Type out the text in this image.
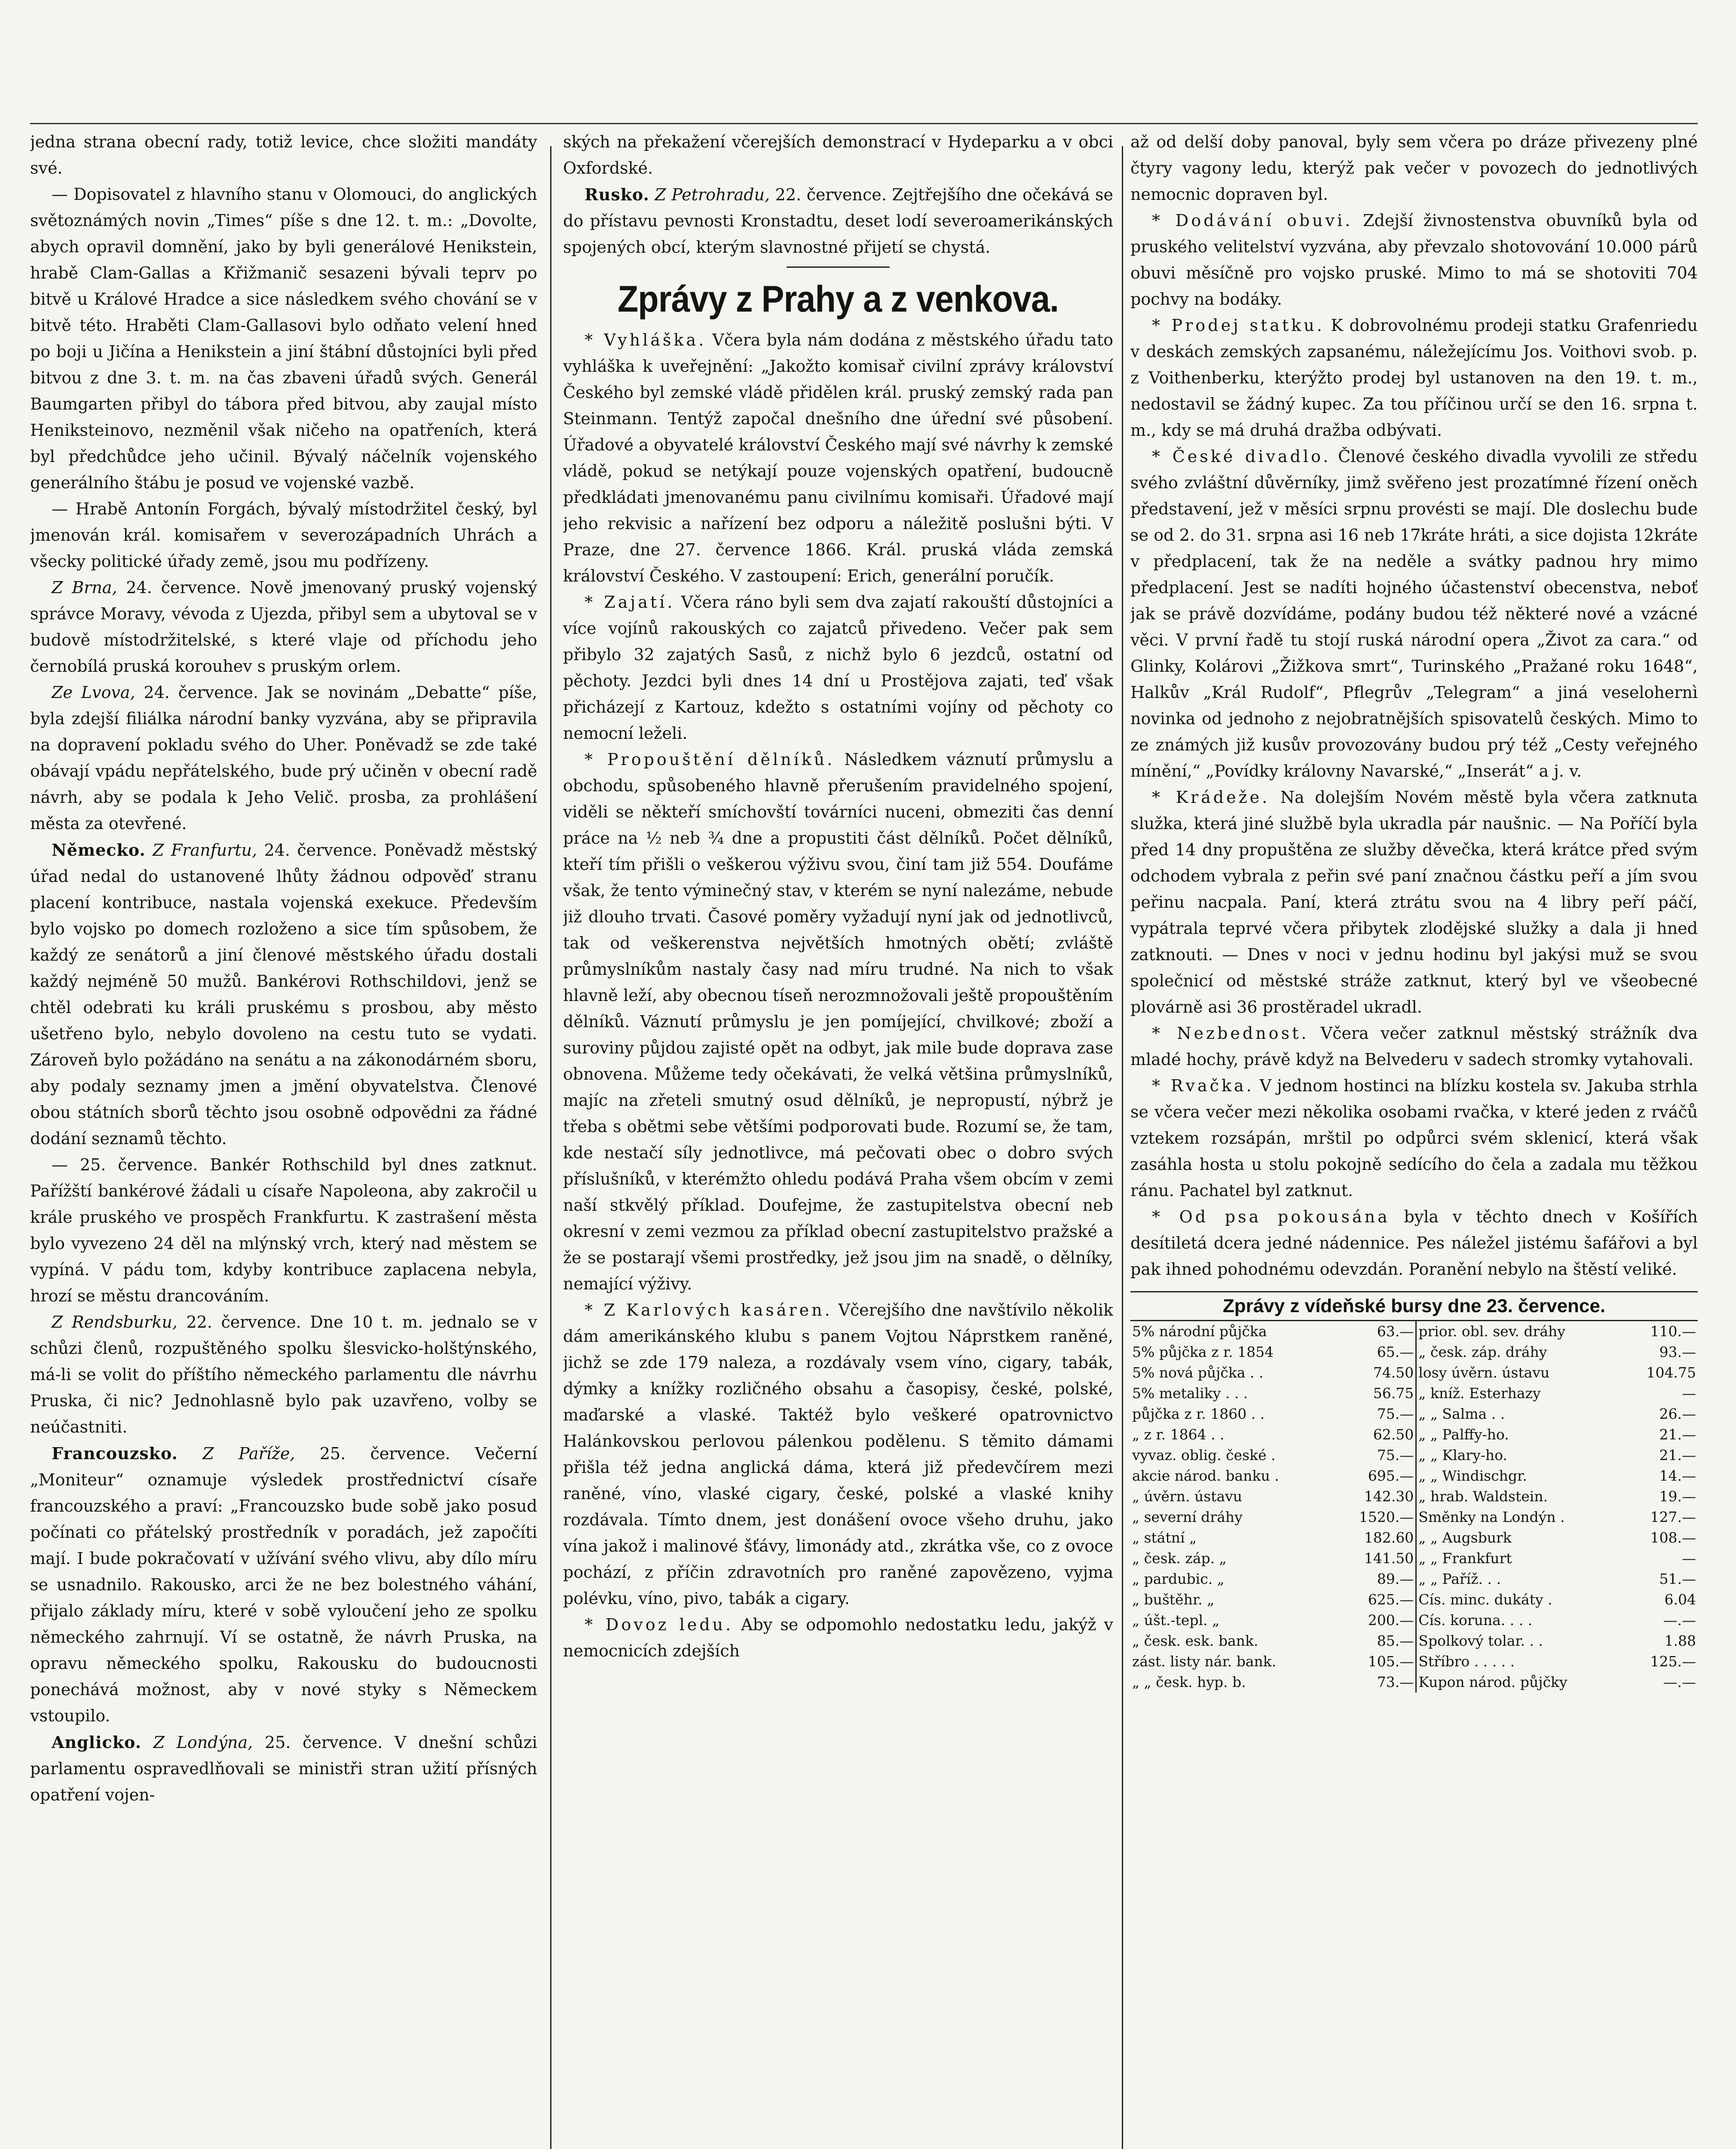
jedna strana obecní rady, totiž levice, chce složiti mandáty své.

— Dopisovatel z hlavního stanu v Olomouci, do anglických světoznámých novin „Times“ píše s dne 12. t. m.: „Dovolte, abych opravil domnění, jako by byli generálové Henikstein, hrabě Clam-Gallas a Křižmanič sesazeni bývali teprv po bitvě u Králové Hradce a sice následkem svého chování se v bitvě této. Hraběti Clam-Gallasovi bylo odňato velení hned po boji u Jičína a Henikstein a jiní štábní důstojníci byli před bitvou z dne 3. t. m. na čas zbaveni úřadů svých. Generál Baumgarten přibyl do tábora před bitvou, aby zaujal místo Heniksteinovo, nezměnil však ničeho na opatřeních, která byl předchůdce jeho učinil. Bývalý náčelník vojenského generálního štábu je posud ve vojenské vazbě.

— Hrabě Antonín Forgách, bývalý místodržitel český, byl jmenován král. komisařem v severozápadních Uhrách a všecky politické úřady země, jsou mu podřízeny.

Z Brna, 24. července. Nově jmenovaný pruský vojenský správce Moravy, vévoda z Ujezda, přibyl sem a ubytoval se v budově místodržitelské, s které vlaje od příchodu jeho černobílá pruská korouhev s pruským orlem.

Ze Lvova, 24. července. Jak se novinám „Debatte“ píše, byla zdejší filiálka národní banky vyzvána, aby se připravila na dopravení pokladu svého do Uher. Poněvadž se zde také obávají vpádu nepřátelského, bude prý učiněn v obecní radě návrh, aby se podala k Jeho Velič. prosba, za prohlášení města za otevřené.

Německo. Z Franfurtu, 24. července. Poněvadž městský úřad nedal do ustanovené lhůty žádnou odpověď stranu placení kontribuce, nastala vojenská exekuce. Především bylo vojsko po domech rozloženo a sice tím spůsobem, že každý ze senátorů a jiní členové městského úřadu dostali každý nejméně 50 mužů. Bankérovi Rothschildovi, jenž se chtěl odebrati ku králi pruskému s prosbou, aby město ušetřeno bylo, nebylo dovoleno na cestu tuto se vydati. Zároveň bylo požádáno na senátu a na zákonodárném sboru, aby podaly seznamy jmen a jmění obyvatelstva. Členové obou státních sborů těchto jsou osobně odpovědni za řádné dodání seznamů těchto.

— 25. července. Bankér Rothschild byl dnes zatknut. Pařížští bankérové žádali u císaře Napoleona, aby zakročil u krále pruského ve prospěch Frankfurtu. K zastrašení města bylo vyvezeno 24 děl na mlýnský vrch, který nad městem se vypíná. V pádu tom, kdyby kontribuce zaplacena nebyla, hrozí se městu drancováním.

Z Rendsburku, 22. července. Dne 10 t. m. jednalo se v schůzi členů, rozpuštěného spolku šlesvicko-holštýnského, má-li se volit do příštího německého parlamentu dle návrhu Pruska, či nic? Jednohlasně bylo pak uzavřeno, volby se neúčastniti.

Francouzsko. Z Paříže, 25. července. Večerní „Moniteur“ oznamuje výsledek prostřednictví císaře francouzského a praví: „Francouzsko bude sobě jako posud počínati co přátelský prostředník v poradách, jež započíti mají. I bude pokračovatí v užívání svého vlivu, aby dílo míru se usnadnilo. Rakousko, arci že ne bez bolestného váhání, přijalo základy míru, které v sobě vyloučení jeho ze spolku německého zahrnují. Ví se ostatně, že návrh Pruska, na opravu německého spolku, Rakousku do budoucnosti ponechává možnost, aby v nové styky s Německem vstoupilo.

Anglicko. Z Londýna, 25. července. V dnešní schůzi parlamentu ospravedlňovali se ministři stran užití přísných opatření vojen-

ských na překažení včerejších demonstrací v Hydeparku a v obci Oxfordské.

Rusko. Z Petrohradu, 22. července. Zejtřejšího dne očekává se do přístavu pevnosti Kronstadtu, deset lodí severoamerikánských spojených obcí, kterým slavnostné přijetí se chystá.

Zprávy z Prahy a z venkova.

* Vyhláška. Včera byla nám dodána z městského úřadu tato vyhláška k uveřejnění: „Jakožto komisař civilní zprávy království Českého byl zemské vládě přidělen král. pruský zemský rada pan Steinmann. Tentýž započal dnešního dne úřední své působení. Úřadové a obyvatelé království Českého mají své návrhy k zemské vládě, pokud se netýkají pouze vojenských opatření, budoucně předkládati jmenovanému panu civilnímu komisaři. Úřadové mají jeho rekvisic a nařízení bez odporu a náležitě poslušni býti. V Praze, dne 27. července 1866. Král. pruská vláda zemská království Českého. V zastoupení: Erich, generální poručík.

* Zajatí. Včera ráno byli sem dva zajatí rakouští důstojníci a více vojínů rakouských co zajatců přivedeno. Večer pak sem přibylo 32 zajatých Sasů, z nichž bylo 6 jezdců, ostatní od pěchoty. Jezdci byli dnes 14 dní u Prostějova zajati, teď však přicházejí z Kartouz, kdežto s ostatními vojíny od pěchoty co nemocní leželi.

* Propouštění dělníků. Následkem váznutí průmyslu a obchodu, spůsobeného hlavně přerušením pravidelného spojení, viděli se někteří smíchovští továrníci nuceni, obmeziti čas denní práce na ½ neb ¾ dne a propustiti část dělníků. Počet dělníků, kteří tím přišli o veškerou výživu svou, činí tam již 554. Doufáme však, že tento výminečný stav, v kterém se nyní nalezáme, nebude již dlouho trvati. Časové poměry vyžadují nyní jak od jednotlivců, tak od veškerenstva největších hmotných obětí; zvláště průmyslníkům nastaly časy nad míru trudné. Na nich to však hlavně leží, aby obecnou tíseň nerozmnožovali ještě propouštěním dělníků. Váznutí průmyslu je jen pomíjející, chvilkové; zboží a suroviny půjdou zajisté opět na odbyt, jak mile bude doprava zase obnovena. Můžeme tedy očekávati, že velká většina průmyslníků, majíc na zřeteli smutný osud dělníků, je nepropustí, nýbrž je třeba s obětmi sebe většími podporovati bude. Rozumí se, že tam, kde nestačí síly jednotlivce, má pečovati obec o dobro svých příslušníků, v kterémžto ohledu podává Praha všem obcím v zemi naší stkvělý příklad. Doufejme, že zastupitelstva obecní neb okresní v zemi vezmou za příklad obecní zastupitelstvo pražské a že se postarají všemi prostředky, jež jsou jim na snadě, o dělníky, nemající výživy.

* Z Karlových kasáren. Včerejšího dne navštívilo několik dám amerikánského klubu s panem Vojtou Náprstkem raněné, jichž se zde 179 naleza, a rozdávaly vsem víno, cigary, tabák, dýmky a knížky rozličného obsahu a časopisy, české, polské, maďarské a vlaské. Taktéž bylo veškeré opatrovnictvo Halánkovskou perlovou pálenkou podělenu. S těmito dámami přišla též jedna anglická dáma, která již předevčírem mezi raněné, víno, vlaské cigary, české, polské a vlaské knihy rozdávala. Tímto dnem, jest donášení ovoce všeho druhu, jako vína jakož i malinové šťávy, limonády atd., zkrátka vše, co z ovoce pochází, z příčin zdravotních pro raněné zapovězeno, vyjma polévku, víno, pivo, tabák a cigary.

* Dovoz ledu. Aby se odpomohlo nedostatku ledu, jakýž v nemocnicích zdejších

až od delší doby panoval, byly sem včera po dráze přivezeny plné čtyry vagony ledu, kterýž pak večer v povozech do jednotlivých nemocnic dopraven byl.

* Dodávání obuvi. Zdejší živnostenstva obuvníků byla od pruského velitelství vyzvána, aby převzalo shotovování 10.000 párů obuvi měsíčně pro vojsko pruské. Mimo to má se shotoviti 704 pochvy na bodáky.

* Prodej statku. K dobrovolnému prodeji statku Grafenriedu v deskách zemských zapsanému, náležejícímu Jos. Voithovi svob. p. z Voithenberku, kterýžto prodej byl ustanoven na den 19. t. m., nedostavil se žádný kupec. Za tou příčinou určí se den 16. srpna t. m., kdy se má druhá dražba odbývati.

* České divadlo. Členové českého divadla vyvolili ze středu svého zvláštní důvěrníky, jimž svěřeno jest prozatímné řízení oněch představení, jež v měsíci srpnu provésti se mají. Dle doslechu bude se od 2. do 31. srpna asi 16 neb 17kráte hráti, a sice dojista 12kráte v předplacení, tak že na neděle a svátky padnou hry mimo předplacení. Jest se nadíti hojného účastenství obecenstva, neboť jak se právě dozvídáme, podány budou též některé nové a vzácné věci. V první řadě tu stojí ruská národní opera „Život za cara.“ od Glinky, Kolárovi „Žižkova smrt“, Turinského „Pražané roku 1648“, Halkův „Král Rudolf“, Pflegrův „Telegram“ a jiná veselohernì novinka od jednoho z nejobratnějších spisovatelů českých. Mimo to ze známých již kusův provozovány budou prý též „Cesty veřejného mínění,“ „Povídky královny Navarské,“ „Inserát“ a j. v.

* Krádeže. Na dolejším Novém městě byla včera zatknuta služka, která jiné službě byla ukradla pár naušnic. — Na Poříčí byla před 14 dny propuštěna ze služby děvečka, která krátce před svým odchodem vybrala z peřin své paní značnou částku peří a jím svou peřinu nacpala. Paní, která ztrátu svou na 4 libry peří páčí, vypátrala teprvé včera přibytek zlodějské služky a dala ji hned zatknouti. — Dnes v noci v jednu hodinu byl jakýsi muž se svou společnicí od městské stráže zatknut, který byl ve všeobecné plovárně asi 36 prostěradel ukradl.

* Nezbednost. Včera večer zatknul městský strážník dva mladé hochy, právě když na Belvederu v sadech stromky vytahovali.

* Rvačka. V jednom hostinci na blízku kostela sv. Jakuba strhla se včera večer mezi několika osobami rvačka, v které jeden z rváčů vztekem rozsápán, mrštil po odpůrci svém sklenicí, která však zasáhla hosta u stolu pokojně sedícího do čela a zadala mu těžkou ránu. Pachatel byl zatknut.

* Od psa pokousána byla v těchto dnech v Košířích desítiletá dcera jedné nádennice. Pes náležel jistému šafářovi a byl pak ihned pohodnému odevzdán. Poranění nebylo na štěstí veliké.

Zprávy z vídeňské bursy dne 23. července.
5% národní půjčka	63.—		prior. obl. sev. dráhy	110.—
5% půjčka z r. 1854	65.—		„ česk. záp. dráhy	93.—
5% nová půjčka . .	74.50		losy úvěrn. ústavu	104.75
5% metaliky . . .	56.75		„ kníž. Esterhazy	—
půjčka z r. 1860 . .	75.—		„ „ Salma . .	26.—
„ z r. 1864 . .	62.50		„ „ Palffy-ho.	21.—
vyvaz. oblig. české .	75.—		„ „ Klary-ho.	21.—
akcie národ. banku .	695.—		„ „ Windischgr.	14.—
„ úvěrn. ústavu	142.30		„ hrab. Waldstein.	19.—
„ severní dráhy	1520.—		Směnky na Londýn .	127.—
„ státní „	182.60		„ „ Augsburk	108.—
„ česk. záp. „	141.50		„ „ Frankfurt	—
„ pardubic. „	89.—		„ „ Paříž. . .	51.—
„ buštěhr. „	625.—		Cís. minc. dukáty .	6.04
„ úšt.-tepl. „	200.—		Cís. koruna. . . .	—.—
„ česk. esk. bank.	85.—		Spolkový tolar. . .	1.88
zást. listy nár. bank.	105.—		Stříbro . . . . .	125.—
„ „ česk. hyp. b.	73.—		Kupon národ. půjčky	—.—
